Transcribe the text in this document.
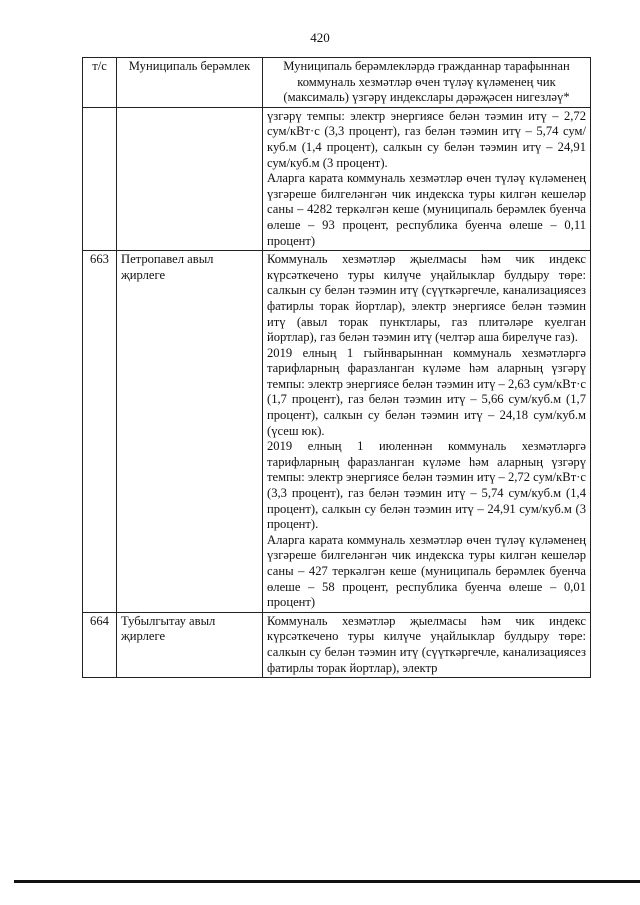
420
т/с	Муниципаль берәмлек	Муниципаль берәмлекләрдә гражданнар тарафыннан коммуналь хезмәтләр өчен түләү күләменең чик (максималь) үзгәрү индекслары дәрәҗәсен нигезләү*

		үзгәрү темпы: электр энергиясе белән тәэмин итү – 2,72 сум/кВт·с (3,3 процент), газ белән тәэмин итү – 5,74 сум/куб.м (1,4 процент), салкын су белән тәэмин итү – 24,91 сум/куб.м (3 процент).

Аларга карата коммуналь хезмәтләр өчен түләү күләменең үзгәреше билгеләнгән чик индекска туры килгән кешеләр саны – 4282 теркәлгән кеше (муниципаль берәмлек буенча өлеше – 93 процент, республика буенча өлеше – 0,11 процент)

663	Петропавел авыл җирлеге	Коммуналь хезмәтләр җыелмасы һәм чик индекс күрсәткечено туры килүче уңайлыклар булдыру төре: салкын су белән тәэмин итү (сүүткәргечле, канализациясез фатирлы торак йортлар), электр энергиясе белән тәэмин итү (авыл торак пунктлары, газ плитәләре куелган йортлар), газ белән тәэмин итү (челтәр аша бирелүче газ).

2019 елның 1 гыйнварыннан коммуналь хезмәтләргә тарифларның фаразланган күләме һәм аларның үзгәрү темпы: электр энергиясе белән тәэмин итү – 2,63 сум/кВт·с (1,7 процент), газ белән тәэмин итү – 5,66 сум/куб.м (1,7 процент), салкын су белән тәэмин итү – 24,18 сум/куб.м (үсеш юк).

2019 елның 1 июленнән коммуналь хезмәтләргә тарифларның фаразланган күләме һәм аларның үзгәрү темпы: электр энергиясе белән тәэмин итү – 2,72 сум/кВт·с (3,3 процент), газ белән тәэмин итү – 5,74 сум/куб.м (1,4 процент), салкын су белән тәэмин итү – 24,91 сум/куб.м (3 процент).

Аларга карата коммуналь хезмәтләр өчен түләү күләменең үзгәреше билгеләнгән чик индекска туры килгән кешеләр саны – 427 теркәлгән кеше (муниципаль берәмлек буенча өлеше – 58 процент, республика буенча өлеше – 0,01 процент)

664	Тубылгытау авыл җирлеге	Коммуналь хезмәтләр җыелмасы һәм чик индекс күрсәткечено туры килүче уңайлыклар булдыру төре: салкын су белән тәэмин итү (сүүткәргечле, канализациясез фатирлы торак йортлар), электр
